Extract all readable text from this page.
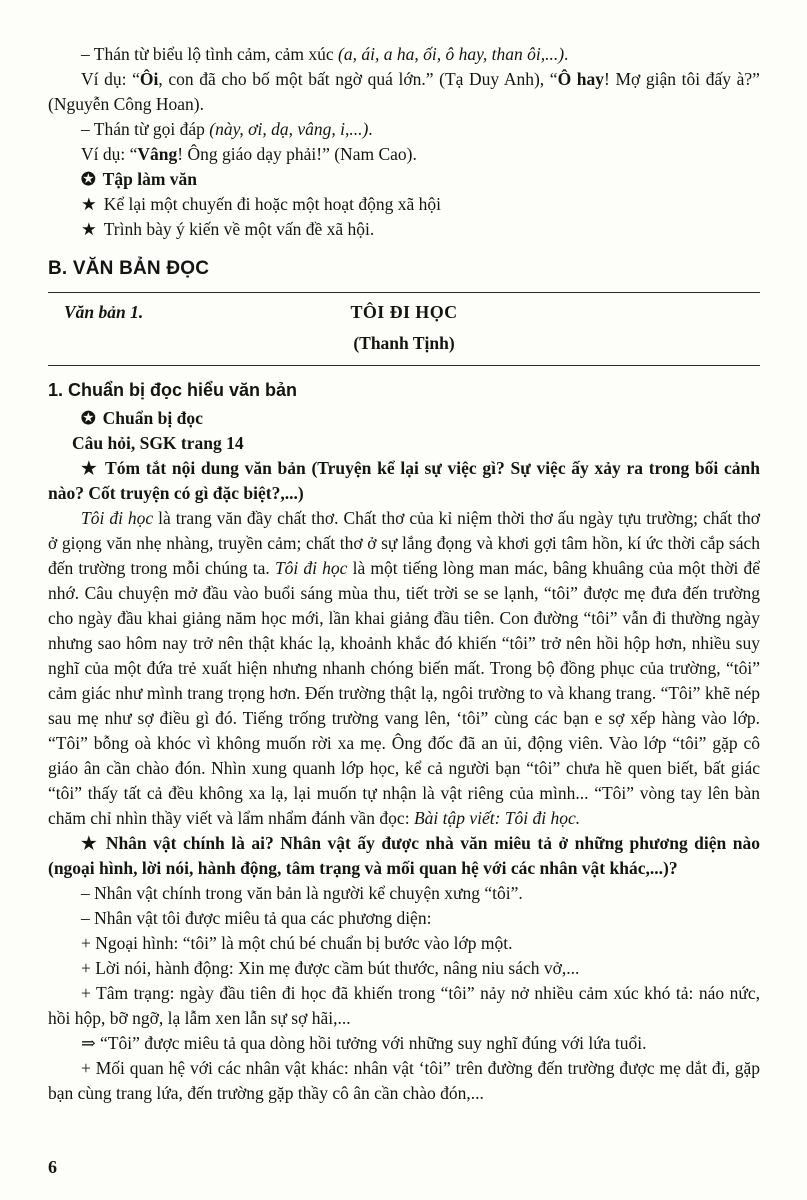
– Thán từ biểu lộ tình cảm, cảm xúc (a, ái, a ha, ối, ô hay, than ôi,...).

Ví dụ: “Ôi, con đã cho bố một bất ngờ quá lớn.” (Tạ Duy Anh), “Ô hay! Mợ giận tôi đấy à?” (Nguyễn Công Hoan).

– Thán từ gọi đáp (này, ơi, dạ, vâng, i,...).

Ví dụ: “Vâng! Ông giáo dạy phải!” (Nam Cao).

✪ Tập làm văn

★ Kể lại một chuyến đi hoặc một hoạt động xã hội

★ Trình bày ý kiến về một vấn đề xã hội.

B. VĂN BẢN ĐỌC
Văn bản 1.	TÔI ĐI HỌC
(Thanh Tịnh)
1. Chuẩn bị đọc hiểu văn bản

✪ Chuẩn bị đọc

Câu hỏi, SGK trang 14

★ Tóm tắt nội dung văn bản (Truyện kể lại sự việc gì? Sự việc ấy xảy ra trong bối cảnh nào? Cốt truyện có gì đặc biệt?,...)

Tôi đi học là trang văn đầy chất thơ. Chất thơ của kỉ niệm thời thơ ấu ngày tựu trường; chất thơ ở giọng văn nhẹ nhàng, truyền cảm; chất thơ ở sự lắng đọng và khơi gợi tâm hồn, kí ức thời cắp sách đến trường trong mỗi chúng ta. Tôi đi học là một tiếng lòng man mác, bâng khuâng của một thời để nhớ. Câu chuyện mở đầu vào buổi sáng mùa thu, tiết trời se se lạnh, “tôi” được mẹ đưa đến trường cho ngày đầu khai giảng năm học mới, lần khai giảng đầu tiên. Con đường “tôi” vẫn đi thường ngày nhưng sao hôm nay trở nên thật khác lạ, khoảnh khắc đó khiến “tôi” trở nên hồi hộp hơn, nhiều suy nghĩ của một đứa trẻ xuất hiện nhưng nhanh chóng biến mất. Trong bộ đồng phục của trường, “tôi” cảm giác như mình trang trọng hơn. Đến trường thật lạ, ngôi trường to và khang trang. “Tôi” khẽ nép sau mẹ như sợ điều gì đó. Tiếng trống trường vang lên, ‘tôi” cùng các bạn e sợ xếp hàng vào lớp. “Tôi” bỗng oà khóc vì không muốn rời xa mẹ. Ông đốc đã an ủi, động viên. Vào lớp “tôi” gặp cô giáo ân cần chào đón. Nhìn xung quanh lớp học, kể cả người bạn “tôi” chưa hề quen biết, bất giác “tôi” thấy tất cả đều không xa lạ, lại muốn tự nhận là vật riêng của mình... “Tôi” vòng tay lên bàn chăm chỉ nhìn thầy viết và lẩm nhẩm đánh vần đọc: Bài tập viết: Tôi đi học.

★ Nhân vật chính là ai? Nhân vật ấy được nhà văn miêu tả ở những phương diện nào (ngoại hình, lời nói, hành động, tâm trạng và mối quan hệ với các nhân vật khác,...)?

– Nhân vật chính trong văn bản là người kể chuyện xưng “tôi”.

– Nhân vật tôi được miêu tả qua các phương diện:

+ Ngoại hình: “tôi” là một chú bé chuẩn bị bước vào lớp một.

+ Lời nói, hành động: Xin mẹ được cầm bút thước, nâng niu sách vở,...

+ Tâm trạng: ngày đầu tiên đi học đã khiến trong “tôi” nảy nở nhiều cảm xúc khó tả: náo nức, hồi hộp, bỡ ngỡ, lạ lẫm xen lẫn sự sợ hãi,...

⇒ “Tôi” được miêu tả qua dòng hồi tưởng với những suy nghĩ đúng với lứa tuổi.

+ Mối quan hệ với các nhân vật khác: nhân vật ‘tôi” trên đường đến trường được mẹ dắt đi, gặp bạn cùng trang lứa, đến trường gặp thầy cô ân cần chào đón,...

6
